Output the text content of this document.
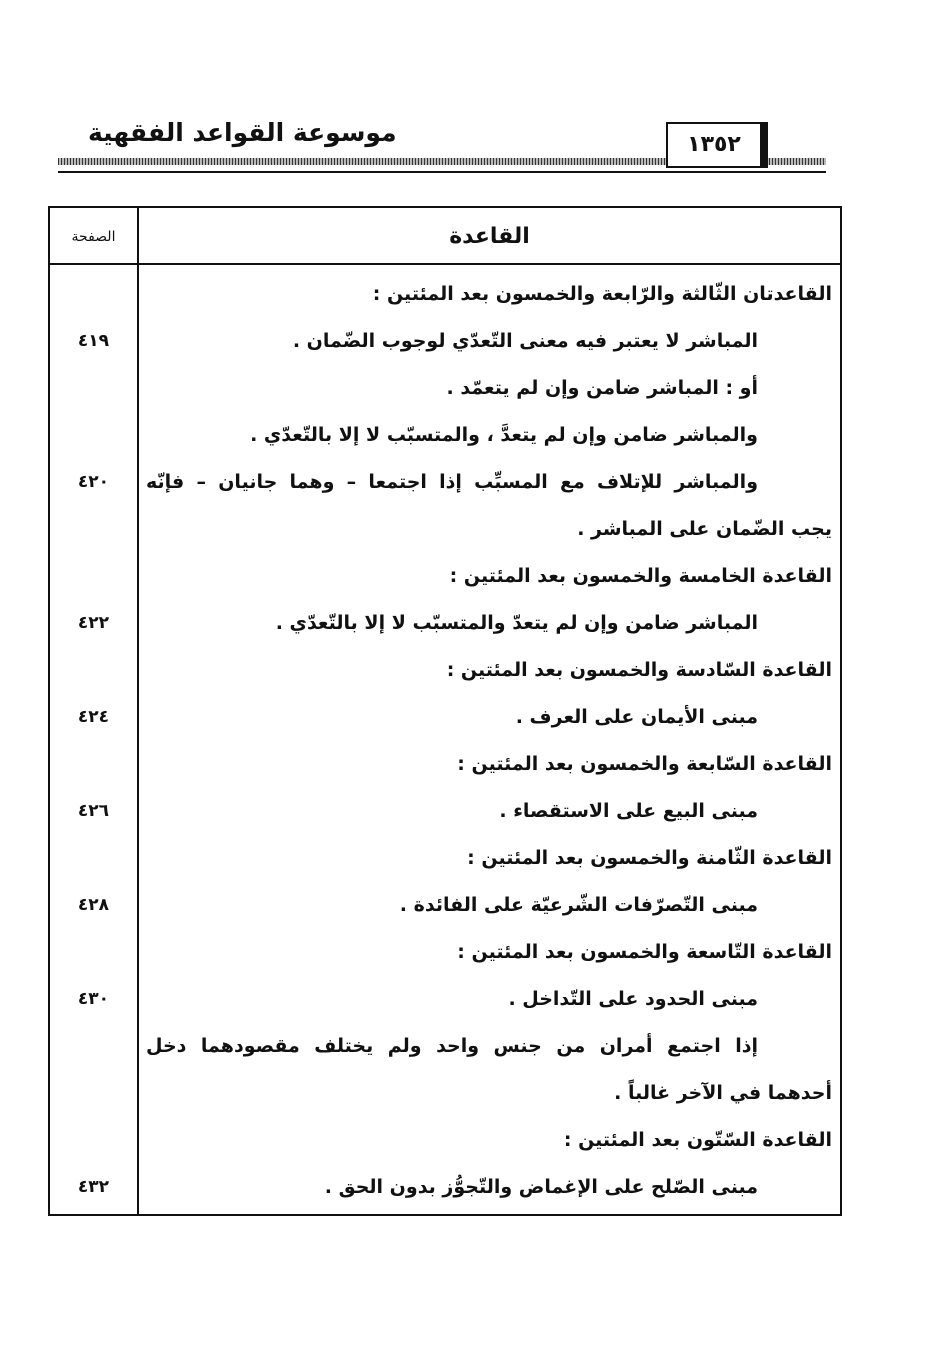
موسوعة القواعد الفقهية	١٣٥٢
القاعدة
الصفحة
القاعدتان الثّالثة والرّابعة والخمسون بعد المئتين :
المباشر لا يعتبر فيه معنى التّعدّي لوجوب الضّمان .
٤١٩
أو : المباشر ضامن وإن لم يتعمّد .
والمباشر ضامن وإن لم يتعدَّ ، والمتسبّب لا إلا بالتّعدّي .
والمباشر للإتلاف مع المسبِّب إذا اجتمعا – وهما جانيان – فإنّه
٤٢٠
يجب الضّمان على المباشر .
القاعدة الخامسة والخمسون بعد المئتين :
المباشر ضامن وإن لم يتعدّ والمتسبّب لا إلا بالتّعدّي .
٤٢٢
القاعدة السّادسة والخمسون بعد المئتين :
مبنى الأيمان على العرف .
٤٢٤
القاعدة السّابعة والخمسون بعد المئتين :
مبنى البيع على الاستقصاء .
٤٢٦
القاعدة الثّامنة والخمسون بعد المئتين :
مبنى التّصرّفات الشّرعيّة على الفائدة .
٤٢٨
القاعدة التّاسعة والخمسون بعد المئتين :
مبنى الحدود على التّداخل .
٤٣٠
إذا اجتمع أمران من جنس واحد ولم يختلف مقصودهما دخل
أحدهما في الآخر غالباً .
القاعدة السّتّون بعد المئتين :
مبنى الصّلح على الإغماض والتّجوُّز بدون الحق .
٤٣٢
